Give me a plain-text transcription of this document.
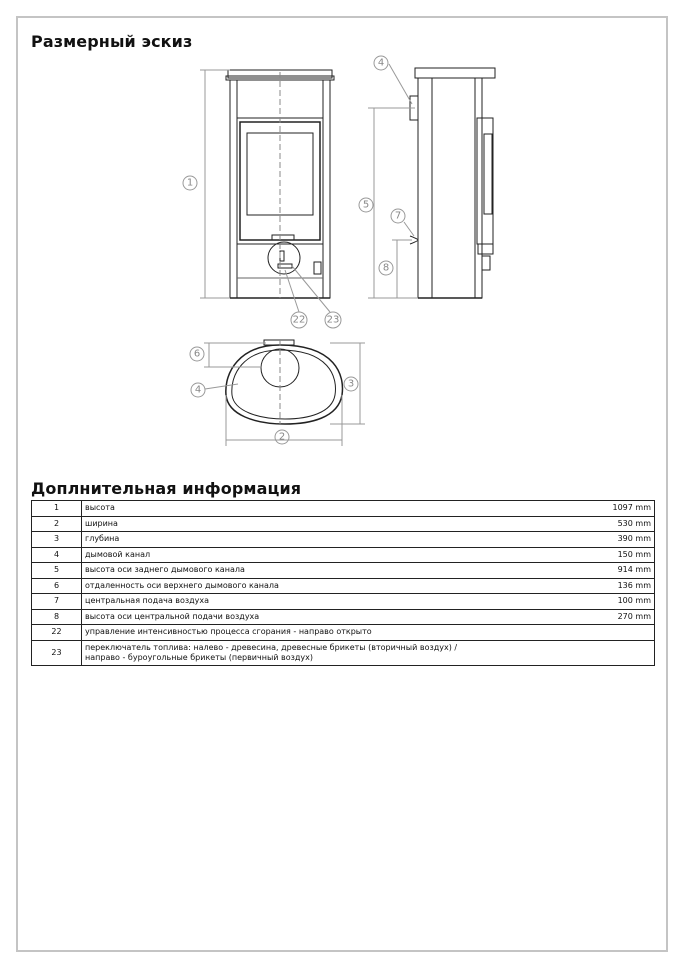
Размерный эскиз
1
22 23
4
5
7
8
6
4
3
2
Доплнительная информация
1	высота	1097 mm
2	ширина	530 mm
3	глубина	390 mm
4	дымовой канал	150 mm
5	высота оси заднего дымового канала	914 mm
6	отдаленность оси верхнего дымового канала	136 mm
7	центральная подача воздуха	100 mm
8	высота оси центральной подачи воздуха	270 mm
22	управление интенсивностью процесса сгорания - направо открыто	
23	переключатель топлива: налево - древесина, древесные брикеты (вторичный воздух) / направо - буроугольные брикеты (первичный воздух)	
